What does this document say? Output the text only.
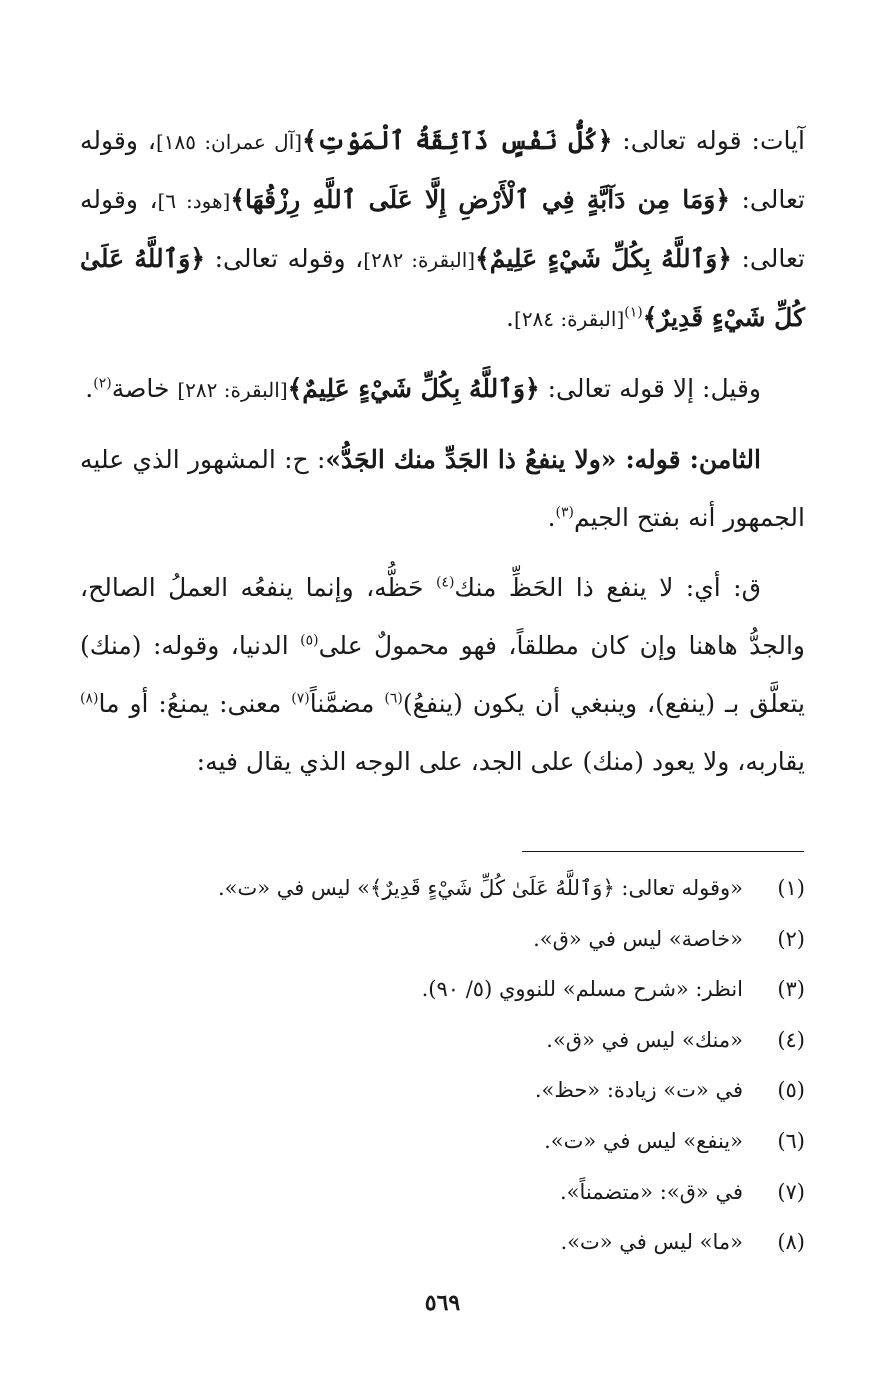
آيات: قوله تعالى: ﴿كُلُّ نَفْسٍ ذَآئِقَةُ ٱلْمَوْتِ﴾[آل عمران: ١٨٥]، وقوله تعالى: ﴿وَمَا مِن دَآبَّةٍ فِي ٱلْأَرْضِ إِلَّا عَلَى ٱللَّهِ رِزْقُهَا﴾[هود: ٦]، وقوله تعالى: ﴿وَٱللَّهُ بِكُلِّ شَيْءٍ عَلِيمٌ﴾[البقرة: ٢٨٢]، وقوله تعالى: ﴿وَٱللَّهُ عَلَىٰ كُلِّ شَيْءٍ قَدِيرٌ﴾$^{(١)}$[البقرة: ٢٨٤].

وقيل: إلا قوله تعالى: ﴿وَٱللَّهُ بِكُلِّ شَيْءٍ عَلِيمٌ﴾[البقرة: ٢٨٢] خاصة$^{(٢)}$.

الثامن: قوله: «ولا ينفعُ ذا الجَدِّ منك الجَدُّ»: ح: المشهور الذي عليه الجمهور أنه بفتح الجيم$^{(٣)}$.

ق: أي: لا ينفع ذا الحَظِّ منك$^{(٤)}$ حَظُّه، وإنما ينفعُه العملُ الصالح، والجدُّ هاهنا وإن كان مطلقاً، فهو محمولٌ على$^{(٥)}$ الدنيا، وقوله: (منك) يتعلَّق بـ (ينفع)، وينبغي أن يكون (ينفعُ)$^{(٦)}$ مضمَّناً$^{(٧)}$ معنى: يمنعُ: أو ما$^{(٨)}$ يقاربه، ولا يعود (منك) على الجد، على الوجه الذي يقال فيه:

(١)
«وقوله تعالى: ﴿وَٱللَّهُ عَلَىٰ كُلِّ شَيْءٍ قَدِيرٌ﴾» ليس في «ت».
(٢)
«خاصة» ليس في «ق».
(٣)
انظر: «شرح مسلم» للنووي (٥/ ٩٠).
(٤)
«منك» ليس في «ق».
(٥)
في «ت» زيادة: «حظ».
(٦)
«ينفع» ليس في «ت».
(٧)
في «ق»: «متضمناً».
(٨)
«ما» ليس في «ت».
٥٦٩
